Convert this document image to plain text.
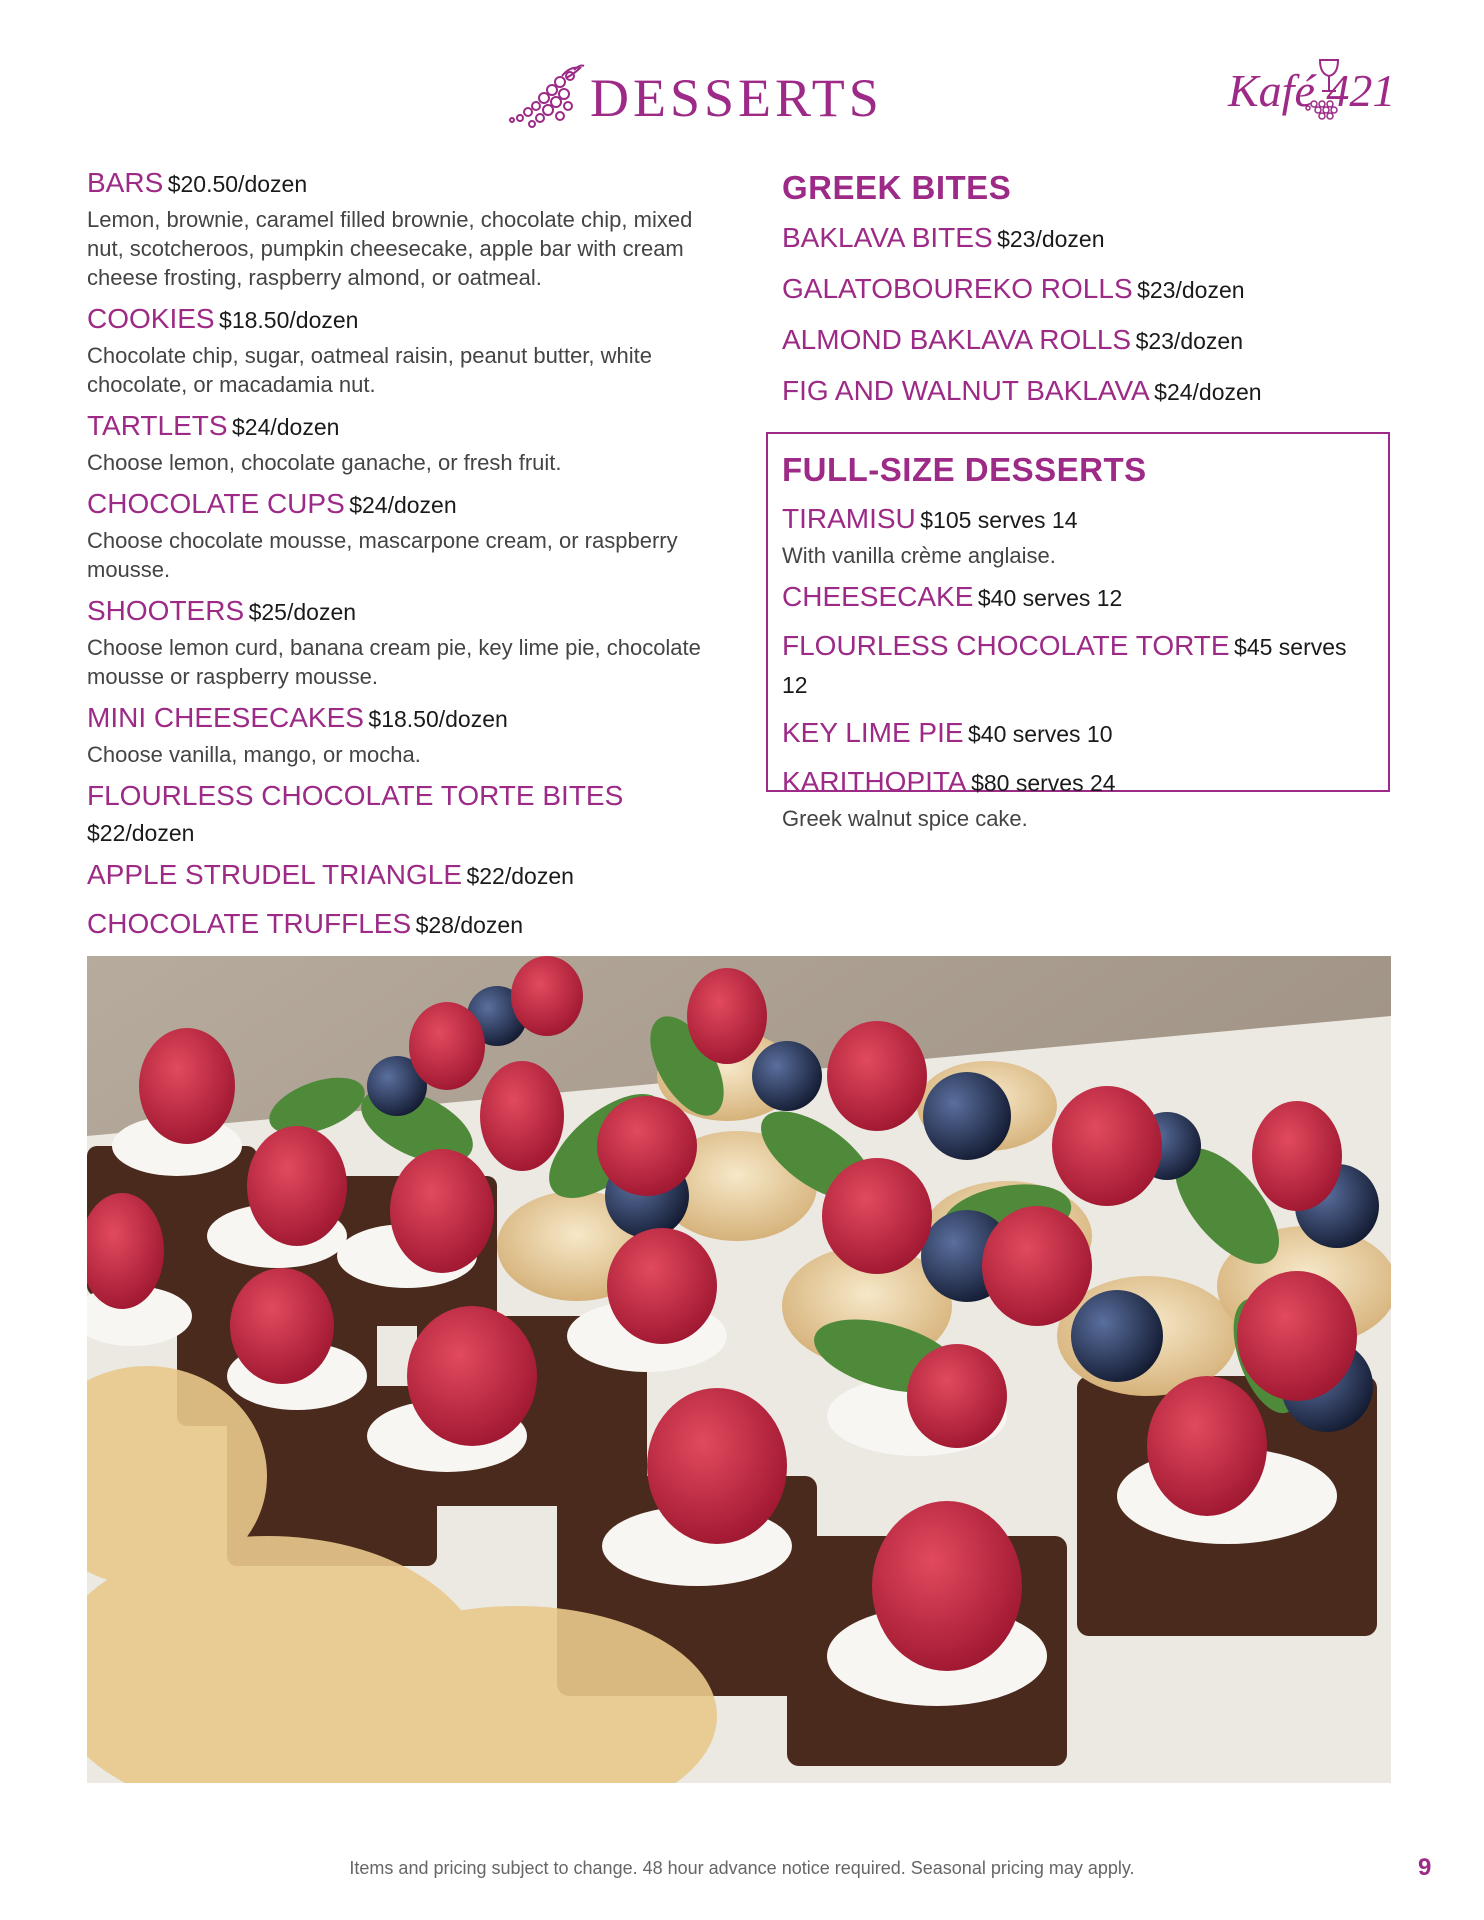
DESSERTS	Kafé 421
BARS $20.50/dozen
Lemon, brownie, caramel filled brownie, chocolate chip, mixed nut, scotcheroos, pumpkin cheesecake, apple bar with cream cheese frosting, raspberry almond, or oatmeal.
COOKIES $18.50/dozen
Chocolate chip, sugar, oatmeal raisin, peanut butter, white chocolate, or macadamia nut.
TARTLETS $24/dozen
Choose lemon, chocolate ganache, or fresh fruit.
CHOCOLATE CUPS $24/dozen
Choose chocolate mousse, mascarpone cream, or raspberry mousse.
SHOOTERS $25/dozen
Choose lemon curd, banana cream pie, key lime pie, chocolate mousse or raspberry mousse.
MINI CHEESECAKES $18.50/dozen
Choose vanilla, mango, or mocha.
FLOURLESS CHOCOLATE TORTE BITES
$22/dozen
APPLE STRUDEL TRIANGLE $22/dozen
CHOCOLATE TRUFFLES $28/dozen
GREEK BITES
BAKLAVA BITES $23/dozen
GALATOBOUREKO ROLLS $23/dozen
ALMOND BAKLAVA ROLLS $23/dozen
FIG AND WALNUT BAKLAVA $24/dozen
FULL-SIZE DESSERTS
TIRAMISU $105 serves 14
With vanilla crème anglaise.
CHEESECAKE $40 serves 12
FLOURLESS CHOCOLATE TORTE $45 serves 12
KEY LIME PIE $40 serves 10
KARITHOPITA $80 serves 24
Greek walnut spice cake.
Items and pricing subject to change. 48 hour advance notice required. Seasonal pricing may apply.	9
